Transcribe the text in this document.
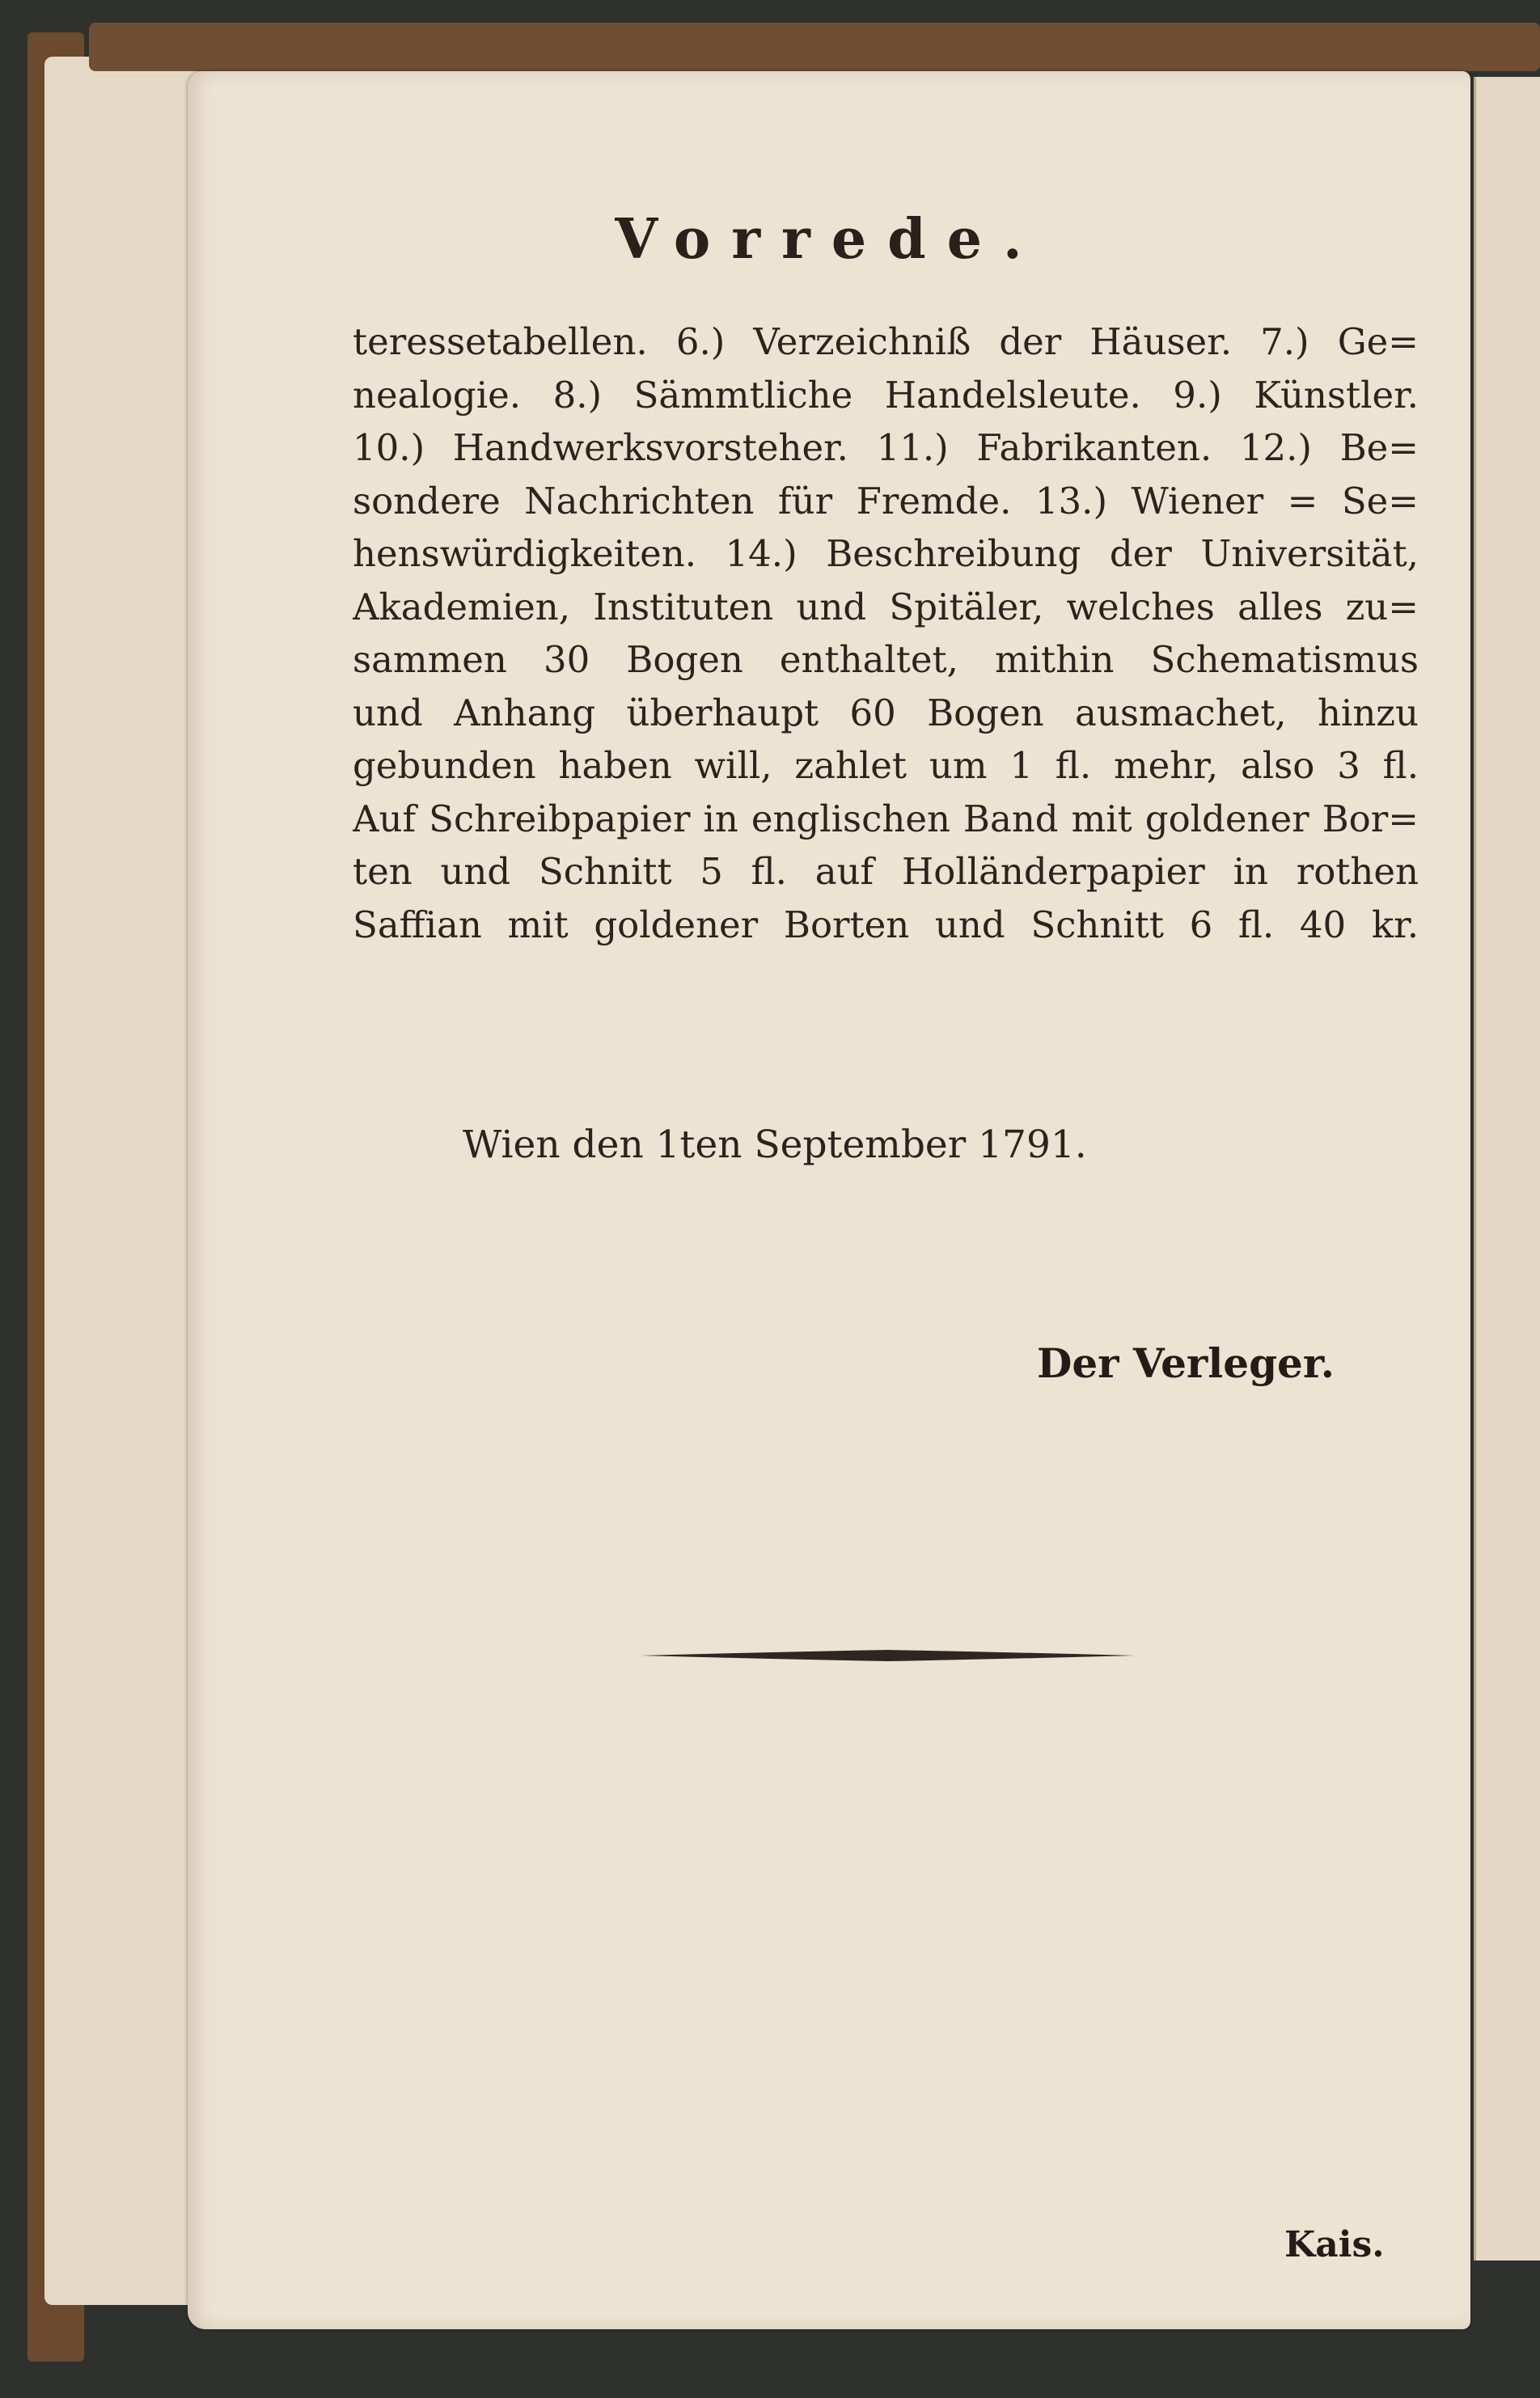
Vorrede.
teressetabellen. 6.) Verzeichniß der Häuser. 7.) Ge=
nealogie. 8.) Sämmtliche Handelsleute. 9.) Künstler.
10.) Handwerksvorsteher. 11.) Fabrikanten. 12.) Be=
sondere Nachrichten für Fremde. 13.) Wiener = Se=
henswürdigkeiten. 14.) Beschreibung der Universität,
Akademien, Instituten und Spitäler, welches alles zu=
sammen 30 Bogen enthaltet, mithin Schematismus
und Anhang überhaupt 60 Bogen ausmachet, hinzu
gebunden haben will, zahlet um 1 fl. mehr, also 3 fl.
Auf Schreibpapier in englischen Band mit goldener Bor=
ten und Schnitt 5 fl. auf Holländerpapier in rothen
Saffian mit goldener Borten und Schnitt 6 fl. 40 kr.
Wien den 1ten September 1791.
Der Verleger.
Kais.
